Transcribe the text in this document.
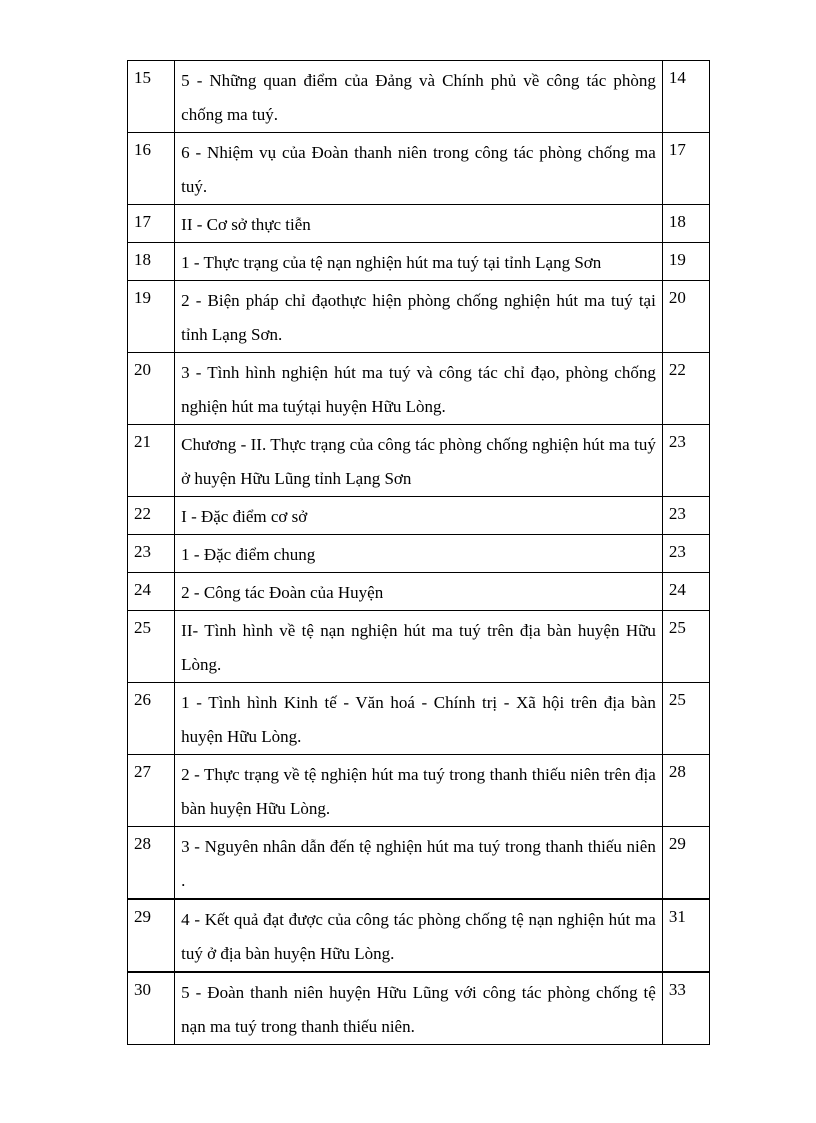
15	5 - Những quan điểm của Đảng và Chính phủ về công tác phòng chống ma tuý.	14
16	6 - Nhiệm vụ của Đoàn thanh niên trong công tác phòng chống ma tuý.	17
17	II - Cơ sở thực tiễn	18
18	1 - Thực trạng của tệ nạn nghiện hút ma tuý tại tỉnh Lạng Sơn	19
19	2 - Biện pháp chỉ đạothực hiện phòng chống nghiện hút ma tuý tại tỉnh Lạng Sơn.	20
20	3 - Tình hình nghiện hút ma tuý và công tác chỉ đạo, phòng chống nghiện hút ma tuýtại huyện Hữu Lòng.	22
21	Chương - II. Thực trạng của công tác phòng chống nghiện hút ma tuý ở huyện Hữu Lũng tỉnh Lạng Sơn	23
22	I - Đặc điểm cơ sở	23
23	1 - Đặc điểm chung	23
24	2 - Công tác Đoàn của Huyện	24
25	II- Tình hình về tệ nạn nghiện hút ma tuý trên địa bàn huyện Hữu Lòng.	25
26	1 - Tình hình Kinh tế - Văn hoá - Chính trị - Xã hội trên địa bàn huyện Hữu Lòng.	25
27	2 - Thực trạng về tệ nghiện hút ma tuý trong thanh thiếu niên trên địa bàn huyện Hữu Lòng.	28
28	3 - Nguyên nhân dẫn đến tệ nghiện hút ma tuý trong thanh thiếu niên .	29
29	4 - Kết quả đạt được của công tác phòng chống tệ nạn nghiện hút ma tuý ở địa bàn huyện Hữu Lòng.	31
30	5 - Đoàn thanh niên huyện Hữu Lũng với công tác phòng chống tệ nạn ma tuý trong thanh thiếu niên.	33
